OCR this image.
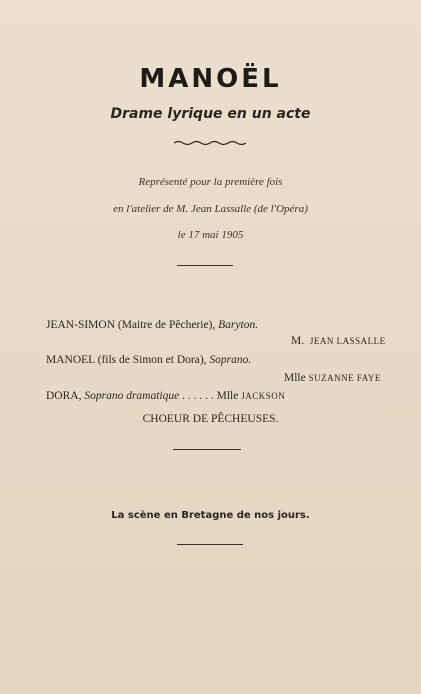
MANOËL
Drame lyrique en un acte
Représenté pour la première fois
en l'atelier de M. Jean Lassalle (de l'Opéra)
le 17 mai 1905
JEAN-SIMON (Maitre de Pêcherie), Baryton.
M. JEAN LASSALLE
MANOEL (fils de Simon et Dora), Soprano.
Mlle SUZANNE FAYE
DORA, Soprano dramatique . . . . . . Mlle JACKSON
CHOEUR DE PÊCHEUSES.
La scène en Bretagne de nos jours.
